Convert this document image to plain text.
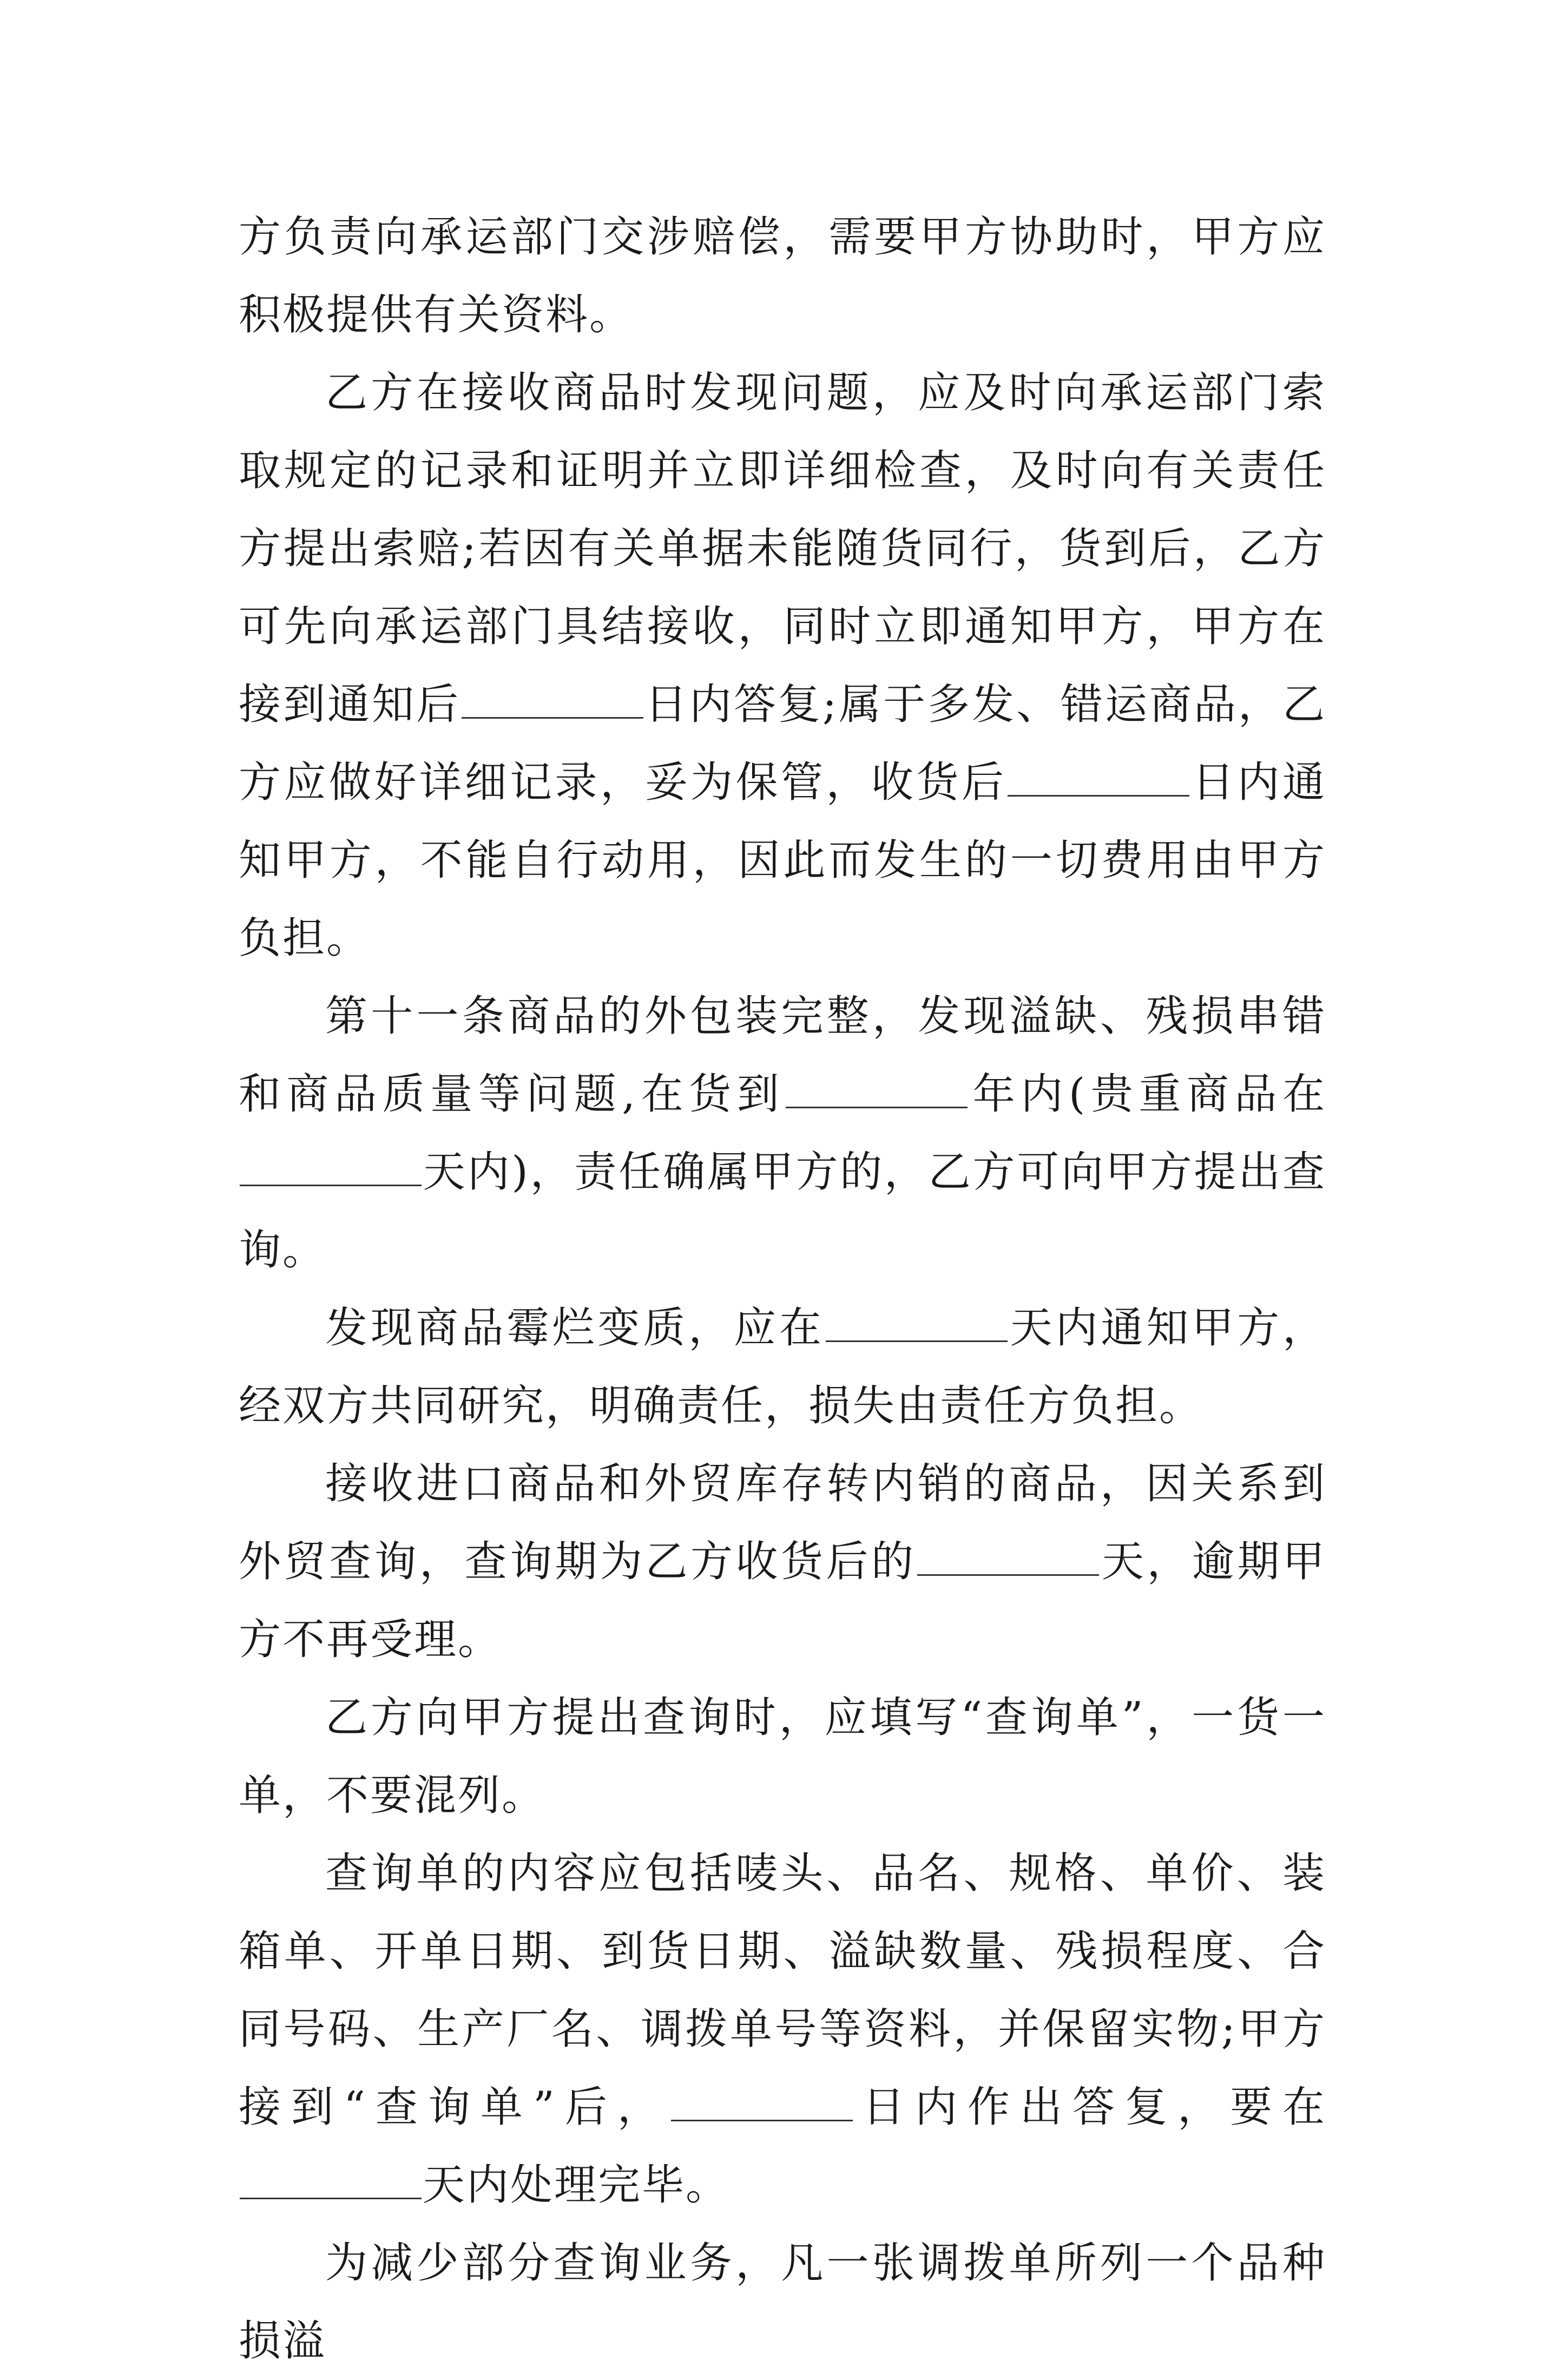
方负责向承运部门交涉赔偿，需要甲方协助时，甲方应积极提供有关资料。

乙方在接收商品时发现问题，应及时向承运部门索取规定的记录和证明并立即详细检查，及时向有关责任方提出索赔;若因有关单据未能随货同行，货到后，乙方可先向承运部门具结接收，同时立即通知甲方，甲方在接到通知后	日内答复;属于多发、错运商品，乙方应做好详细记录，妥为保管，收货后	日内通知甲方，不能自行动用，因此而发生的一切费用由甲方负担。

第十一条商品的外包装完整，发现溢缺、残损串错和商品质量等问题,在货到	年内(贵重商品在天内)，责任确属甲方的，乙方可向甲方提出查询。

发现商品霉烂变质，应在	天内通知甲方，经双方共同研究，明确责任，损失由责任方负担。

接收进口商品和外贸库存转内销的商品，因关系到外贸查询，查询期为乙方收货后的	天，逾期甲方不再受理。

乙方向甲方提出查询时，应填写“查询单”，一货一单，不要混列。

查询单的内容应包括唛头、品名、规格、单价、装箱单、开单日期、到货日期、溢缺数量、残损程度、合同号码、生产厂名、调拨单号等资料，并保留实物;甲方接到“查询单”后，	日内作出答复，要在天内处理完毕。

为减少部分查询业务，凡一张调拨单所列一个品种损溢
